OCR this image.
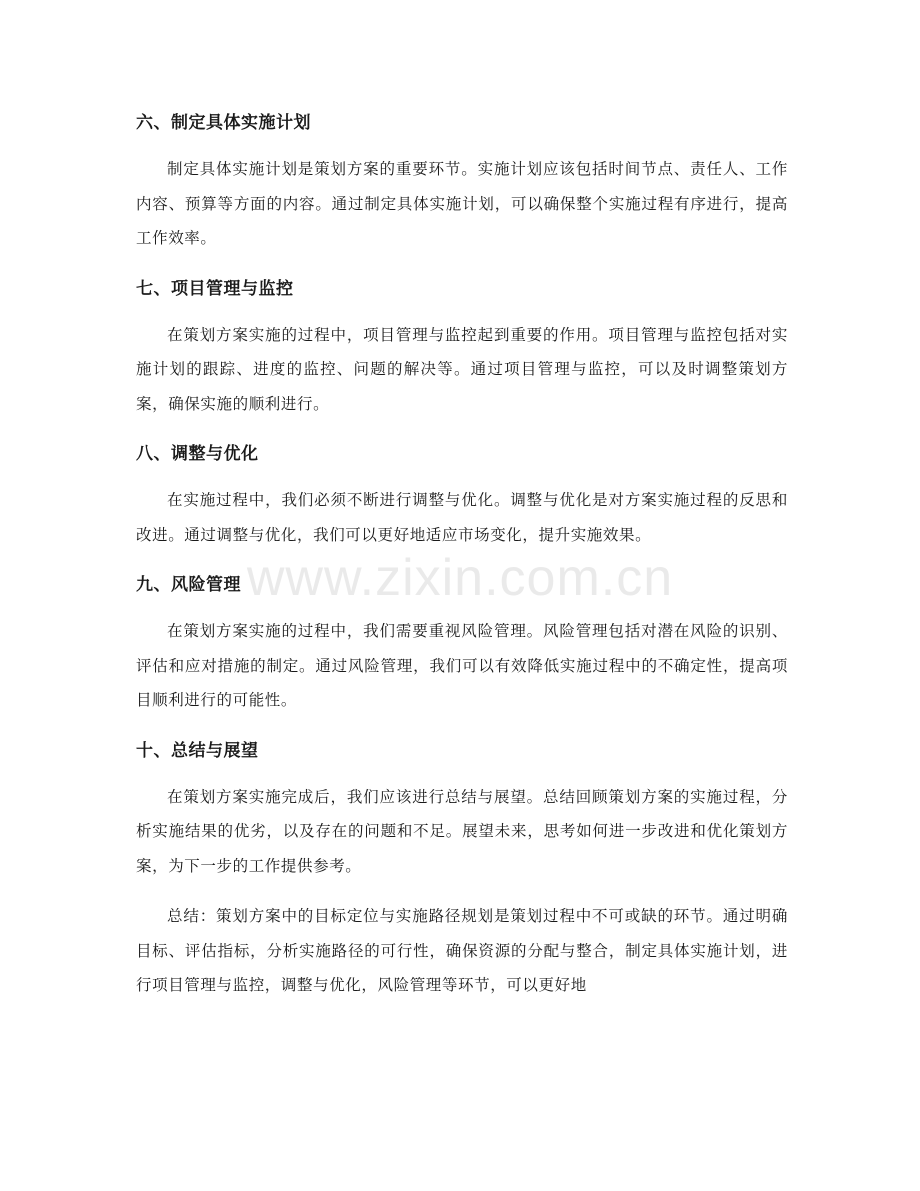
六、制定具体实施计划

制定具体实施计划是策划方案的重要环节。实施计划应该包括时间节点、责任人、工作内容、预算等方面的内容。通过制定具体实施计划，可以确保整个实施过程有序进行，提高工作效率。

七、项目管理与监控

在策划方案实施的过程中，项目管理与监控起到重要的作用。项目管理与监控包括对实施计划的跟踪、进度的监控、问题的解决等。通过项目管理与监控，可以及时调整策划方案，确保实施的顺利进行。

八、调整与优化

在实施过程中，我们必须不断进行调整与优化。调整与优化是对方案实施过程的反思和改进。通过调整与优化，我们可以更好地适应市场变化，提升实施效果。

九、风险管理

在策划方案实施的过程中，我们需要重视风险管理。风险管理包括对潜在风险的识别、评估和应对措施的制定。通过风险管理，我们可以有效降低实施过程中的不确定性，提高项目顺利进行的可能性。

十、总结与展望

在策划方案实施完成后，我们应该进行总结与展望。总结回顾策划方案的实施过程，分析实施结果的优劣，以及存在的问题和不足。展望未来，思考如何进一步改进和优化策划方案，为下一步的工作提供参考。

总结：策划方案中的目标定位与实施路径规划是策划过程中不可或缺的环节。通过明确目标、评估指标，分析实施路径的可行性，确保资源的分配与整合，制定具体实施计划，进行项目管理与监控，调整与优化，风险管理等环节，可以更好地

www.zixin.com.cn
